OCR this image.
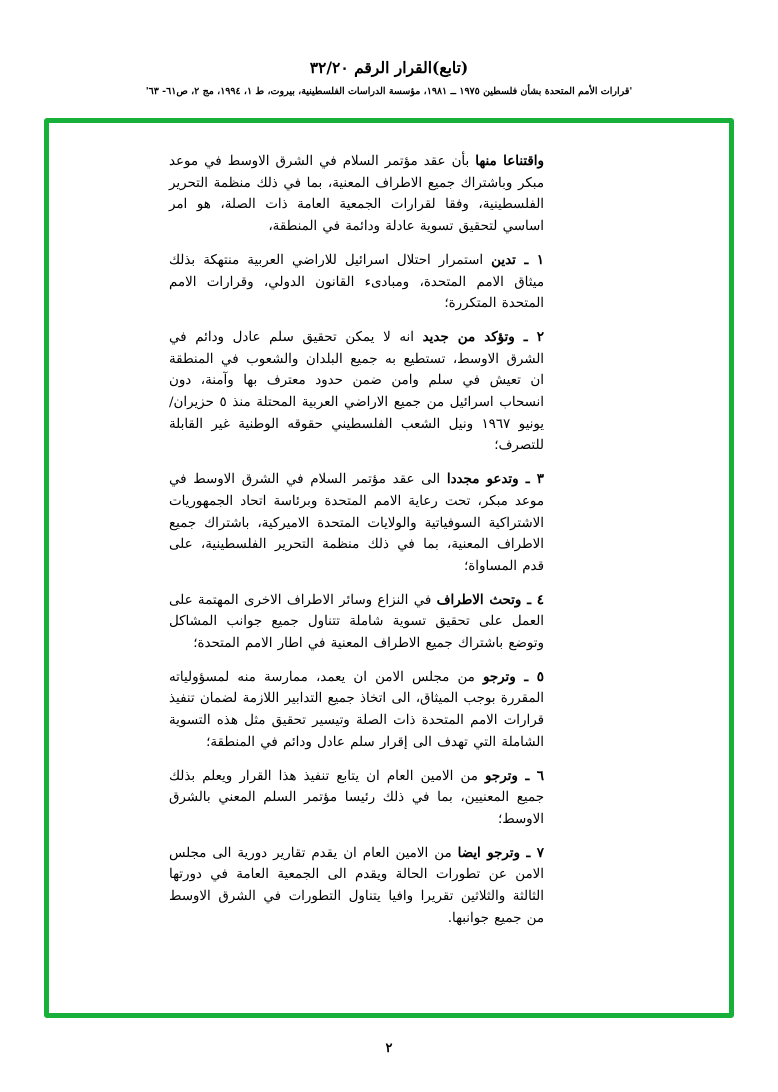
(تابع)القرار الرقم ٣٢/٢٠
'قرارات الأمم المتحدة بشأن فلسطين ١٩٧٥ ــ ١٩٨١، مؤسسة الدراسات الفلسطينية، بيروت، ط ١، ١٩٩٤، مج ٢، ص٦١- ٦٣'

واقتناعا منها بأن عقد مؤتمر السلام في الشرق الاوسط في موعد مبكر وباشتراك جميع الاطراف المعنية، بما في ذلك منظمة التحرير الفلسطينية، وفقا لقرارات الجمعية العامة ذات الصلة، هو امر اساسي لتحقيق تسوية عادلة ودائمة في المنطقة،

١ ـ تدين استمرار احتلال اسرائيل للاراضي العربية منتهكة بذلك ميثاق الامم المتحدة، ومبادىء القانون الدولي، وقرارات الامم المتحدة المتكررة؛

٢ ـ وتؤكد من جديد انه لا يمكن تحقيق سلم عادل ودائم في الشرق الاوسط، تستطيع به جميع البلدان والشعوب في المنطقة ان تعيش في سلم وامن ضمن حدود معترف بها وآمنة، دون انسحاب اسرائيل من جميع الاراضي العربية المحتلة منذ ٥ حزيران/يونيو ١٩٦٧ ونيل الشعب الفلسطيني حقوقه الوطنية غير القابلة للتصرف؛

٣ ـ وتدعو مجددا الى عقد مؤتمر السلام في الشرق الاوسط في موعد مبكر، تحت رعاية الامم المتحدة وبرئاسة اتحاد الجمهوريات الاشتراكية السوفياتية والولايات المتحدة الاميركية، باشتراك جميع الاطراف المعنية، بما في ذلك منظمة التحرير الفلسطينية، على قدم المساواة؛

٤ ـ وتحث الاطراف في النزاع وسائر الاطراف الاخرى المهتمة على العمل على تحقيق تسوية شاملة تتناول جميع جوانب المشاكل وتوضع باشتراك جميع الاطراف المعنية في اطار الامم المتحدة؛

٥ ـ وترجو من مجلس الامن ان يعمد، ممارسة منه لمسؤولياته المقررة بوجب الميثاق، الى اتخاذ جميع التدابير اللازمة لضمان تنفيذ قرارات الامم المتحدة ذات الصلة وتيسير تحقيق مثل هذه التسوية الشاملة التي تهدف الى إقرار سلم عادل ودائم في المنطقة؛

٦ ـ وترجو من الامين العام ان يتابع تنفيذ هذا القرار ويعلم بذلك جميع المعنيين، بما في ذلك رئيسا مؤتمر السلم المعني بالشرق الاوسط؛

٧ ـ وترجو ايضا من الامين العام ان يقدم تقارير دورية الى مجلس الامن عن تطورات الحالة ويقدم الى الجمعية العامة في دورتها الثالثة والثلاثين تقريرا وافيا يتناول التطورات في الشرق الاوسط من جميع جوانبها.

٢
